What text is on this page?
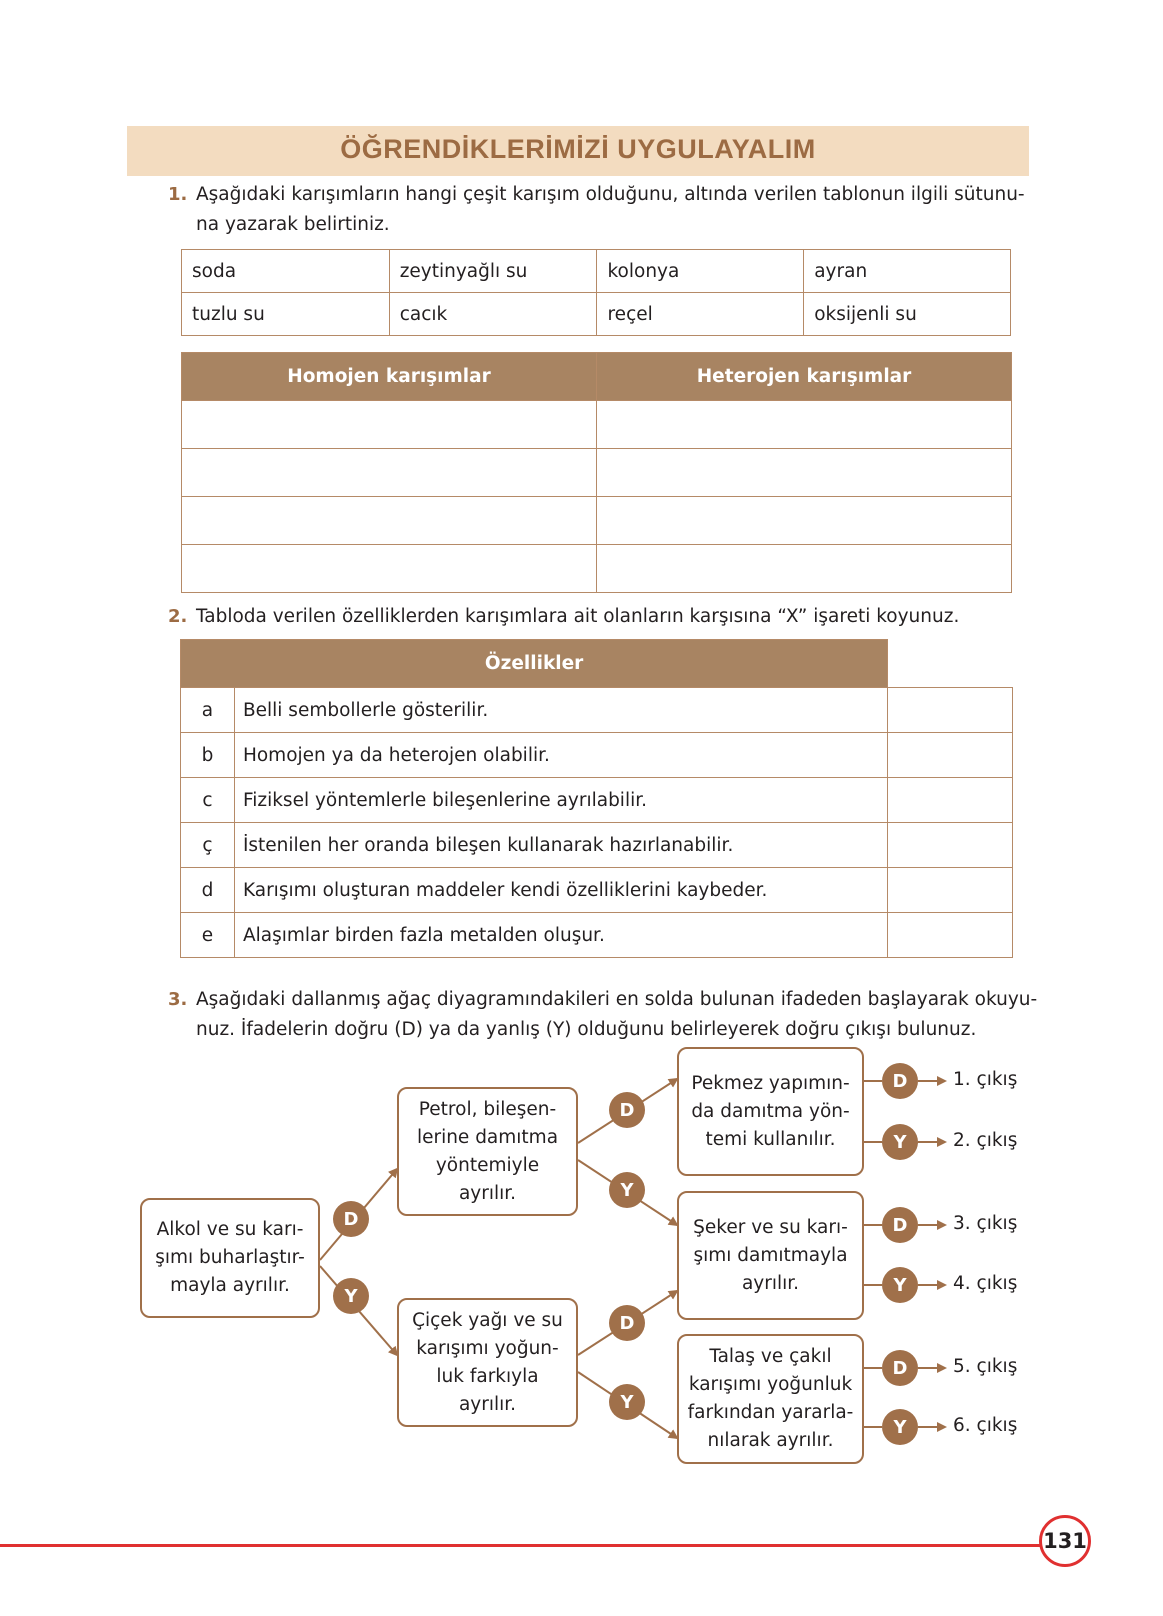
ÖĞRENDİKLERİMİZİ UYGULAYALIM
1. Aşağıdaki karışımların hangi çeşit karışım olduğunu, altında verilen tablonun ilgili sütunu-
na yazarak belirtiniz.
soda	zeytinyağlı su	kolonya	ayran
tuzlu su	cacık	reçel	oksijenli su
Homojen karışımlar	Heterojen karışımlar

2. Tabloda verilen özelliklerden karışımlara ait olanların karşısına “X” işareti koyunuz.
Özellikler		
a	Belli sembollerle gösterilir.	
b	Homojen ya da heterojen olabilir.	
c	Fiziksel yöntemlerle bileşenlerine ayrılabilir.	
ç	İstenilen her oranda bileşen kullanarak hazırlanabilir.	
d	Karışımı oluşturan maddeler kendi özelliklerini kaybeder.	
e	Alaşımlar birden fazla metalden oluşur.	
3. Aşağıdaki dallanmış ağaç diyagramındakileri en solda bulunan ifadeden başlayarak okuyu-
nuz. İfadelerin doğru (D) ya da yanlış (Y) olduğunu belirleyerek doğru çıkışı bulunuz.
Alkol ve su karı-
şımı buharlaştır-
mayla ayrılır.
Petrol, bileşen-
lerine damıtma
yöntemiyle
ayrılır.
Çiçek yağı ve su
karışımı yoğun-
luk farkıyla ayrılır.
Pekmez yapımın-
da damıtma yön-
temi kullanılır.
Şeker ve su karı-
şımı damıtmayla
ayrılır.
Talaş ve çakıl
karışımı yoğunluk
farkından yararla-
nılarak ayrılır.
D
Y
D
Y
D
Y
D
Y
D
Y
D
Y
1. çıkış
2. çıkış
3. çıkış
4. çıkış
5. çıkış
6. çıkış
131
